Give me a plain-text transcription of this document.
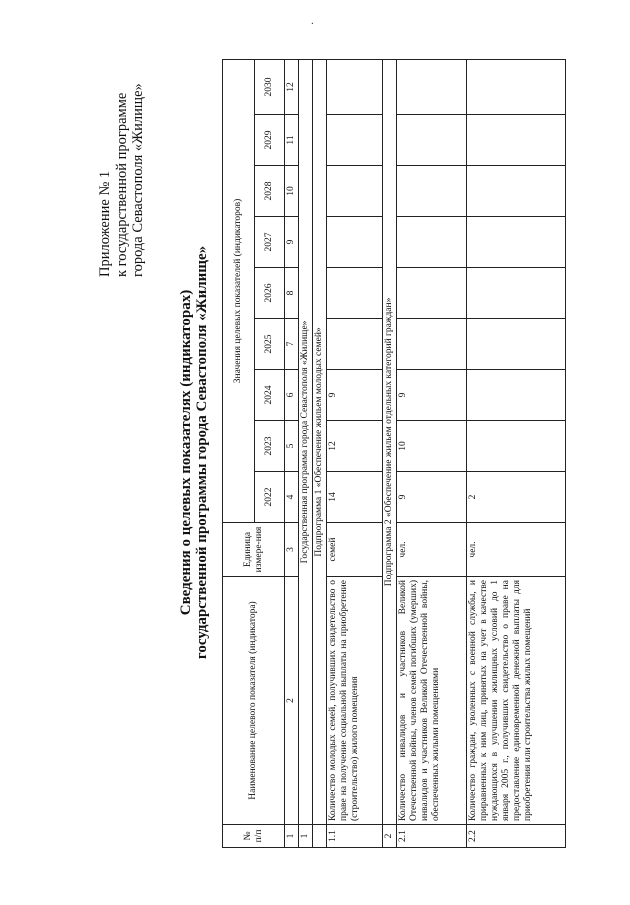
Приложение № 1 к государственной программе города Севастополя «Жилище»
Сведения о целевых показателях (индикаторах) государственной программы города Севастополя «Жилище»
·
№ п/п	Наименование целевого показателя (индикатора)	Единица измере-ния	Значения целевых показателей (индикаторов)								
			2022	2023	2024	2025	2026	2027	2028	2029	2030
1	2	3	4	5	6	7	8	9	10	11	12
1	Государственная программа города Севастополя «Жилище»										
	Подпрограмма 1 «Обеспечение жильем молодых семей»										
1.1	Количество молодых семей, получивших свидетельство о праве на получение социальной выплаты на приобретение (строительство) жилого помещения	семей	14	12	9						
2	Подпрограмма 2 «Обеспечение жильем отдельных категорий граждан»										
2.1	Количество инвалидов и участников Великой Отечественной войны, членов семей погибших (умерших) инвалидов и участников Великой Отечественной войны, обеспеченных жилыми помещениями	чел.	9	10	9						
2.2	Количество граждан, уволенных с военной службы, и приравненных к ним лиц, принятых на учет в качестве нуждающихся в улучшении жилищных условий до 1 января 2005 г., получивших свидетельство о праве на предоставление единовременной денежной выплаты для приобретения или строительства жилых помещений	чел.	2								
